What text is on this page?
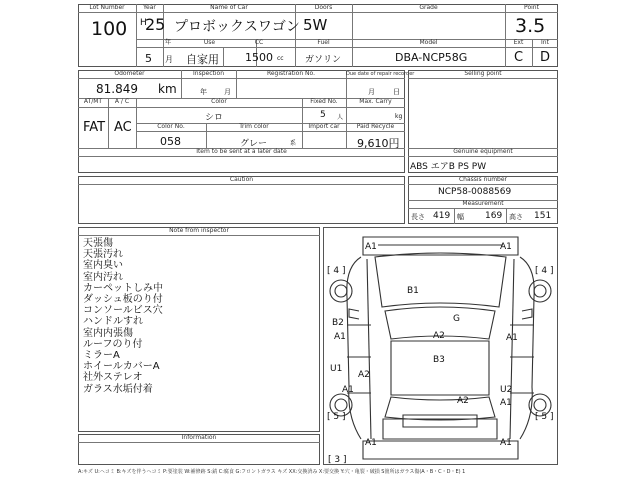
Lot Number
100
Year
H
25
年
5 月
Name of Car
プロボックスワゴン
Doors
5W
Grade	Point
3.5
Use
自家用
CC
1500 cc
Fuel
ガソリン
Model
DBA-NCP58G
Ext
C
Int
D
Odometer
81.849 km
Inspection
年 月
Registration No.	Due date of repair recorder
月	日
AT/MT
FAT
A / C
AC
Color
シロ
Fixed No.
5 人
Max. Carry
kg
Color No.
058
Trim color
グレー	系
Import car	Paid Recycle
9,610円
Item to be sent at a later date
Selling point
Genuine equipment
ABS エアB PS PW
Caution	Chassis number
NCP58-0088569
Measurement
長さ 419 幅 169 高さ 151
Note from inspector
天張傷
天張汚れ
室内臭い
室内汚れ
カーペットしみ中
ダッシュ板のり付
コンソールビス穴
ハンドルすれ
室内内張傷
ルーフのり付
ミラーA
ホイールカバーA
社外ステレオ
ガラス水垢付着
Information
A1	A1
[ 4 ]	[ 4 ]
B1
G
B2
A1	A2	A1
B3
U1
A2
A1	U2
A1
[ 5 ]
A2
[ 5 ]
A1	A1
[ 3 ]
A:キズ U:ヘコミ B:キズを伴うヘコミ P:要塗装 W:補修跡 S:錆 C:腐食 G:フロントガラス キズ XX:交換済み X:要交換 Y:穴・亀裂・破損 S箇所はガラス傷(A・B・C・D・E) 1
